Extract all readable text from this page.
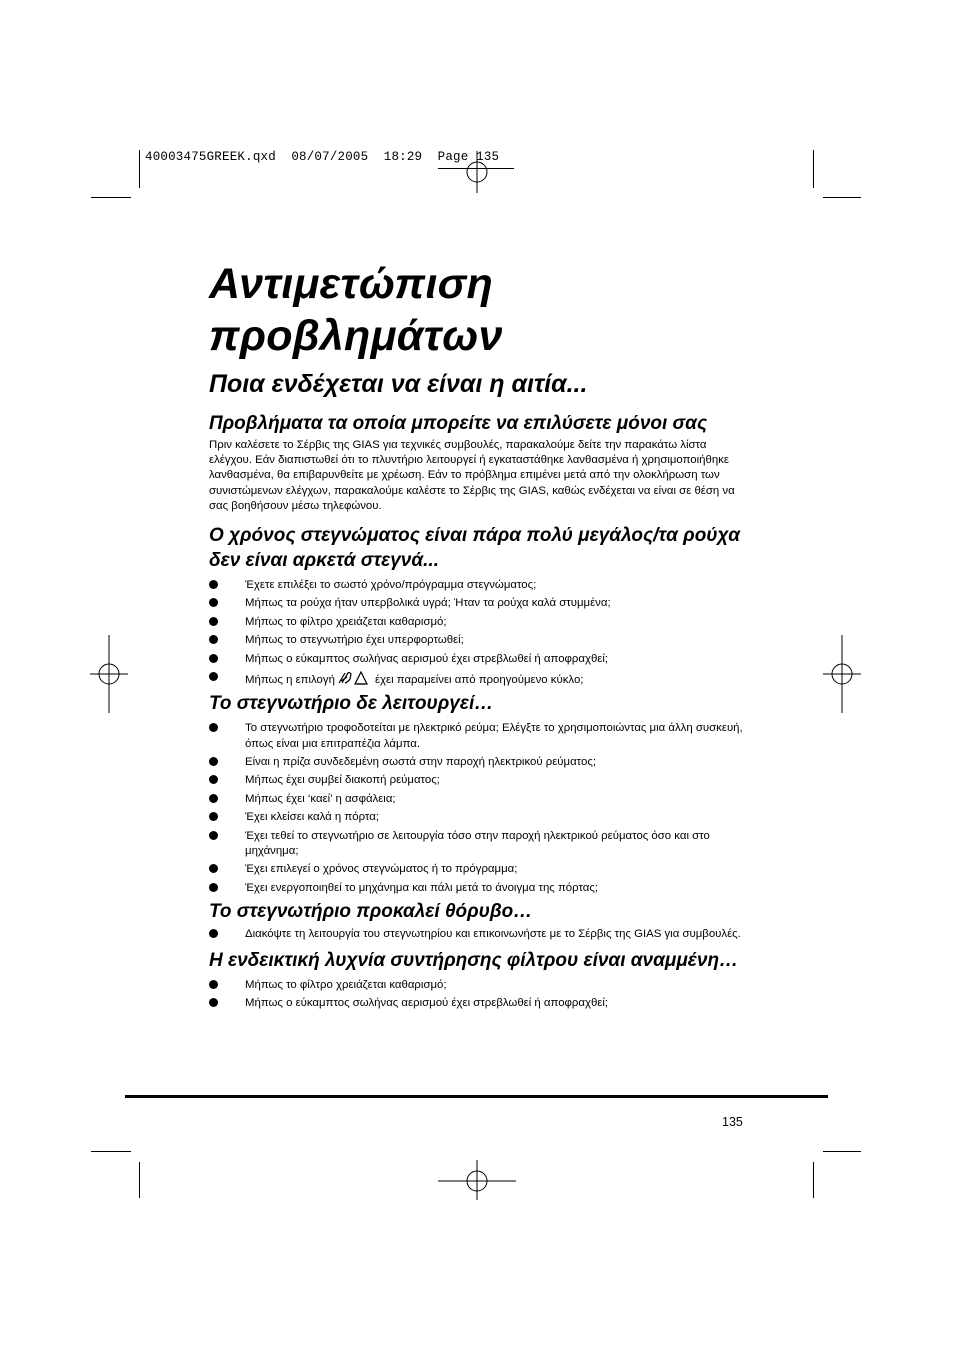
40003475GREEK.qxd  08/07/2005  18:29  Page 135
Αντιμετώπιση
προβλημάτων
Ποια ενδέχεται να είναι η αιτία...
Προβλήματα τα οποία μπορείτε να επιλύσετε μόνοι σας

Πριν καλέσετε το Σέρβις της GIAS για τεχνικές συμβουλές, παρακαλούμε δείτε την παρακάτω λίστα ελέγχου. Εάν διαπιστωθεί ότι το πλυντήριο λειτουργεί ή εγκαταστάθηκε λανθασμένα ή χρησιμοποιήθηκε λανθασμένα, θα επιβαρυνθείτε με χρέωση. Εάν το πρόβλημα επιμένει μετά από την ολοκλήρωση των συνιστώμενων ελέγχων, παρακαλούμε καλέστε το Σέρβις της GIAS, καθώς ενδέχεται να είναι σε θέση να σας βοηθήσουν μέσω τηλεφώνου.

Ο χρόνος στεγνώματος είναι πάρα πολύ μεγάλος/τα ρούχα δεν είναι αρκετά στεγνά...
Έχετε επιλέξει το σωστό χρόνο/πρόγραμμα στεγνώματος;
Μήπως τα ρούχα ήταν υπερβολικά υγρά; Ήταν τα ρούχα καλά στυμμένα;
Μήπως το φίλτρο χρειάζεται καθαρισμό;
Μήπως το στεγνωτήριο έχει υπερφορτωθεί;
Μήπως ο εύκαμπτος σωλήνας αερισμού έχει στρεβλωθεί ή αποφραχθεί;
Μήπως η επιλογή	έχει παραμείνει από προηγούμενο κύκλο;
Το στεγνωτήριο δε λειτουργεί…
Το στεγνωτήριο τροφοδοτείται με ηλεκτρικό ρεύμα; Ελέγξτε το χρησιμοποιώντας μια άλλη συσκευή, όπως είναι μια επιτραπέζια λάμπα.
Είναι η πρίζα συνδεδεμένη σωστά στην παροχή ηλεκτρικού ρεύματος;
Μήπως έχει συμβεί διακοπή ρεύματος;
Μήπως έχει ‘καεί’ η ασφάλεια;
Έχει κλείσει καλά η πόρτα;
Έχει τεθεί το στεγνωτήριο σε λειτουργία τόσο στην παροχή ηλεκτρικού ρεύματος όσο και στο μηχάνημα;
Έχει επιλεγεί ο χρόνος στεγνώματος ή το πρόγραμμα;
Έχει ενεργοποιηθεί το μηχάνημα και πάλι μετά το άνοιγμα της πόρτας;
Το στεγνωτήριο προκαλεί θόρυβο…
Διακόψτε τη λειτουργία του στεγνωτηρίου και επικοινωνήστε με το Σέρβις της GIAS για συμβουλές.
Η ενδεικτική λυχνία συντήρησης φίλτρου είναι αναμμένη…
Μήπως το φίλτρο χρειάζεται καθαρισμό;
Μήπως ο εύκαμπτος σωλήνας αερισμού έχει στρεβλωθεί ή αποφραχθεί;
135
